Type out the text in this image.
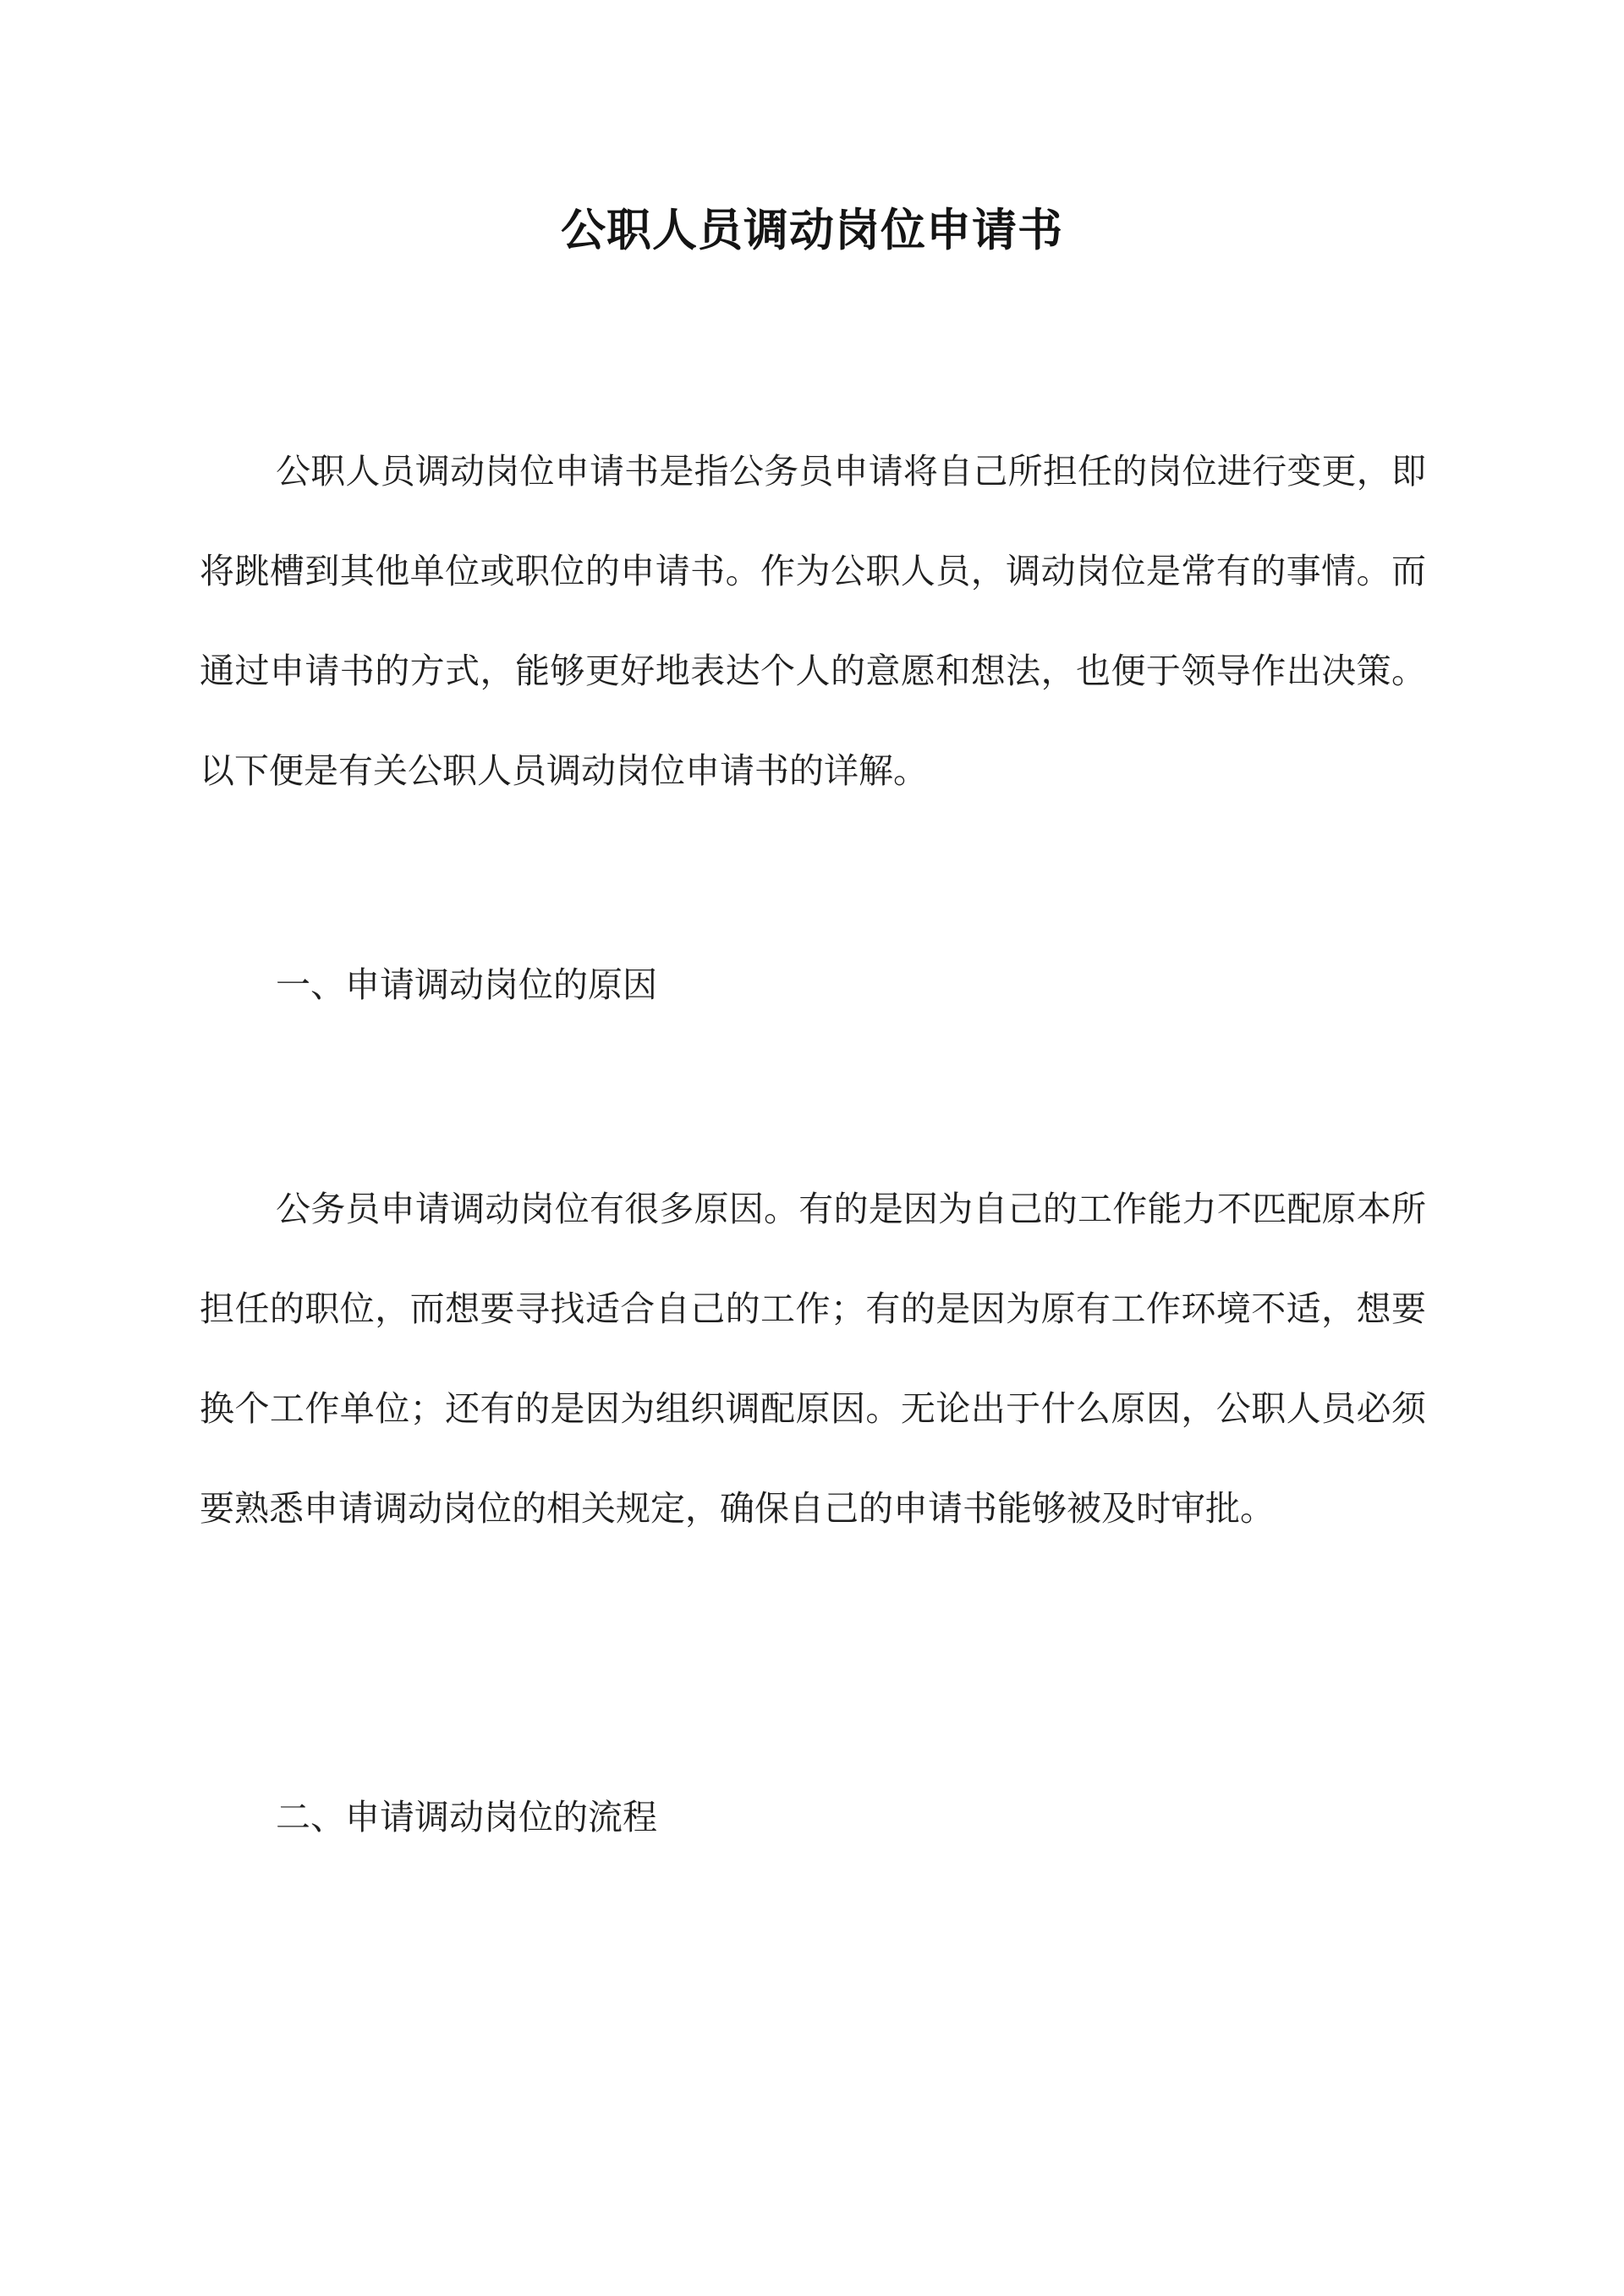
公职人员调动岗位申请书

公职人员调动岗位申请书是指公务员申请将自己所担任的岗位进行变更，即将跳槽到其他单位或职位的申请书。作为公职人员，调动岗位是常有的事情。而通过申请书的方式，能够更好地表达个人的意愿和想法，也便于领导作出决策。以下便是有关公职人员调动岗位申请书的详解。

一、申请调动岗位的原因

公务员申请调动岗位有很多原因。有的是因为自己的工作能力不匹配原本所担任的职位，而想要寻找适合自己的工作；有的是因为原有工作环境不适，想要换个工作单位；还有的是因为组织调配原因。无论出于什么原因，公职人员必须要熟悉申请调动岗位的相关规定，确保自己的申请书能够被及时审批。

二、申请调动岗位的流程
